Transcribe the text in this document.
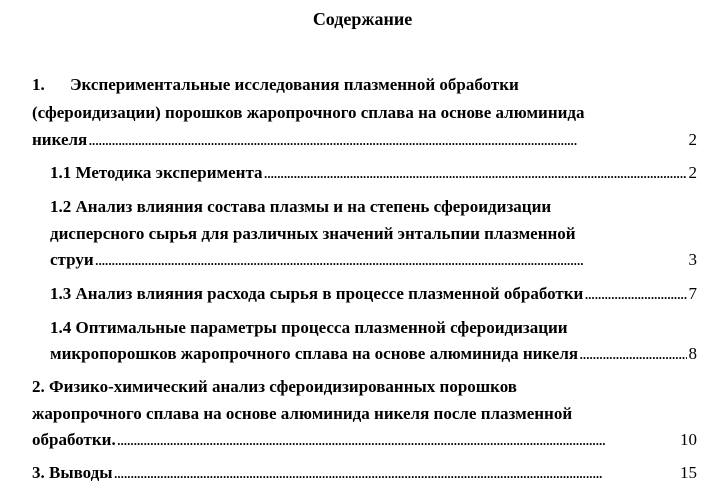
Содержание
1. Экспериментальные исследования плазменной обработки
(сфероидизации) порошков жаропрочного сплава на основе алюминида
никеля . . .	2
1.1 Методика эксперимента . . .	2
1.2 Анализ влияния состава плазмы и на степень сфероидизации
дисперсного сырья для различных значений энтальпии плазменной
струи . . .	3
1.3 Анализ влияния расхода сырья в процессе плазменной обработки . . .	7
1.4 Оптимальные параметры процесса плазменной сфероидизации
микропорошков жаропрочного сплава на основе алюминида никеля . . .	8
2. Физико-химический анализ сфероидизированных порошков
жаропрочного сплава на основе алюминида никеля после плазменной
обработки. . . .	10
3. Выводы . . .	15
